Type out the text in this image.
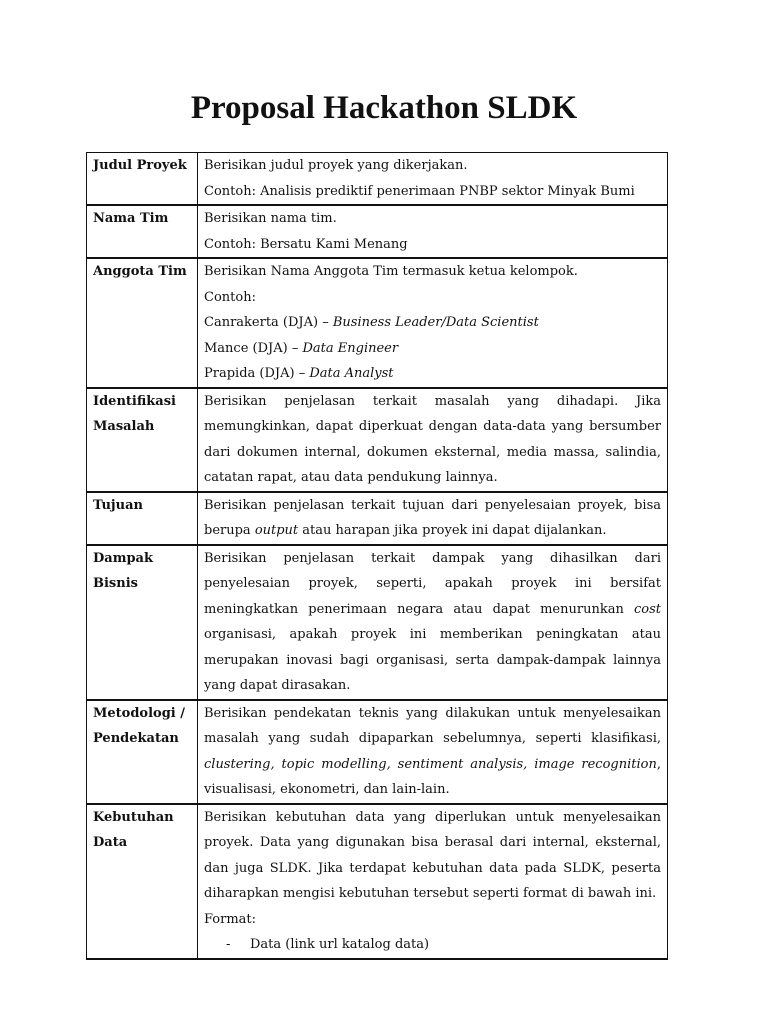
Proposal Hackathon SLDK
Judul Proyek	Berisikan judul proyek yang dikerjakan.
Contoh: Analisis prediktif penerimaan PNBP sektor Minyak Bumi

Nama Tim	Berisikan nama tim.
Contoh: Bersatu Kami Menang

Anggota Tim	Berisikan Nama Anggota Tim termasuk ketua kelompok.
Contoh:
Canrakerta (DJA) – Business Leader/Data Scientist
Mance (DJA) – Data Engineer
Prapida (DJA) – Data Analyst

Identifikasi
Masalah	Berisikan penjelasan terkait masalah yang dihadapi. Jika memungkinkan, dapat diperkuat dengan data-data yang bersumber dari dokumen internal, dokumen eksternal, media massa, salindia, catatan rapat, atau data pendukung lainnya.

Tujuan	Berisikan penjelasan terkait tujuan dari penyelesaian proyek, bisa berupa output atau harapan jika proyek ini dapat dijalankan.

Dampak
Bisnis	Berisikan penjelasan terkait dampak yang dihasilkan dari penyelesaian proyek, seperti, apakah proyek ini bersifat meningkatkan penerimaan negara atau dapat menurunkan cost organisasi, apakah proyek ini memberikan peningkatan atau merupakan inovasi bagi organisasi, serta dampak-dampak lainnya yang dapat dirasakan.

Metodologi /
Pendekatan	Berisikan pendekatan teknis yang dilakukan untuk menyelesaikan masalah yang sudah dipaparkan sebelumnya, seperti klasifikasi, clustering, topic modelling, sentiment analysis, image recognition, visualisasi, ekonometri, dan lain-lain.

Kebutuhan
Data	Berisikan kebutuhan data yang diperlukan untuk menyelesaikan proyek. Data yang digunakan bisa berasal dari internal, eksternal, dan juga SLDK. Jika terdapat kebutuhan data pada SLDK, peserta diharapkan mengisi kebutuhan tersebut seperti format di bawah ini.
Format:
- Data (link url katalog data)
